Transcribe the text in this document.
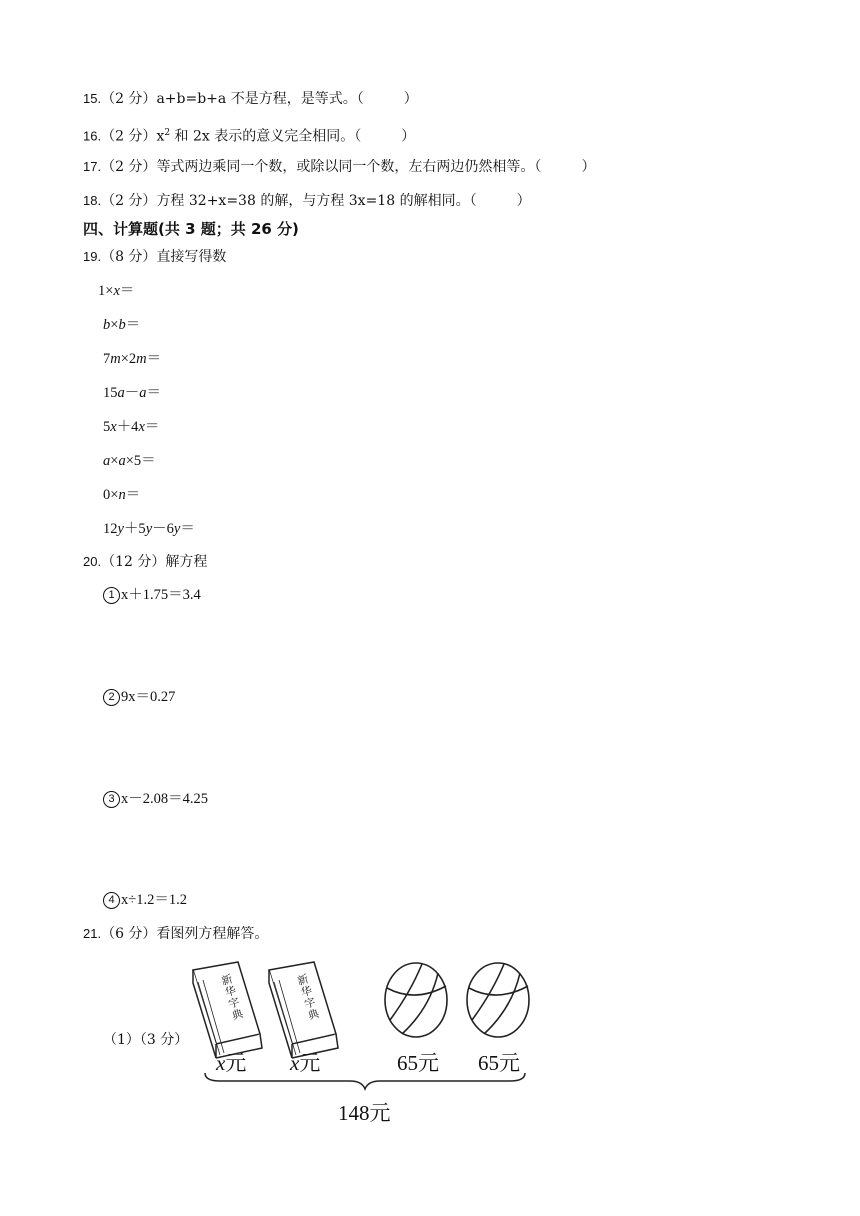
15.（2 分）a+b=b+a 不是方程，是等式。（	）
16.（2 分）$x^2$ 和 2x 表示的意义完全相同。（	）
17.（2 分）等式两边乘同一个数，或除以同一个数，左右两边仍然相等。（	）
18.（2 分）方程 32+x=38 的解，与方程 3x=18 的解相同。（	）
四、计算题(共 3 题；共 26 分)
19.（8 分）直接写得数
1×x＝
b×b＝
7m×2m＝
15a－a＝
5x＋4x＝
a×a×5＝
0×n＝
12y＋5y－6y＝
20.（12 分）解方程
1 x＋1.75＝3.4
2 9x＝0.27
3 x－2.08＝4.25
4 x÷1.2＝1.2
21.（6 分）看图列方程解答。
（1）（3 分）
新华字典	新华字典
x元 x元	65元 65元
148元
